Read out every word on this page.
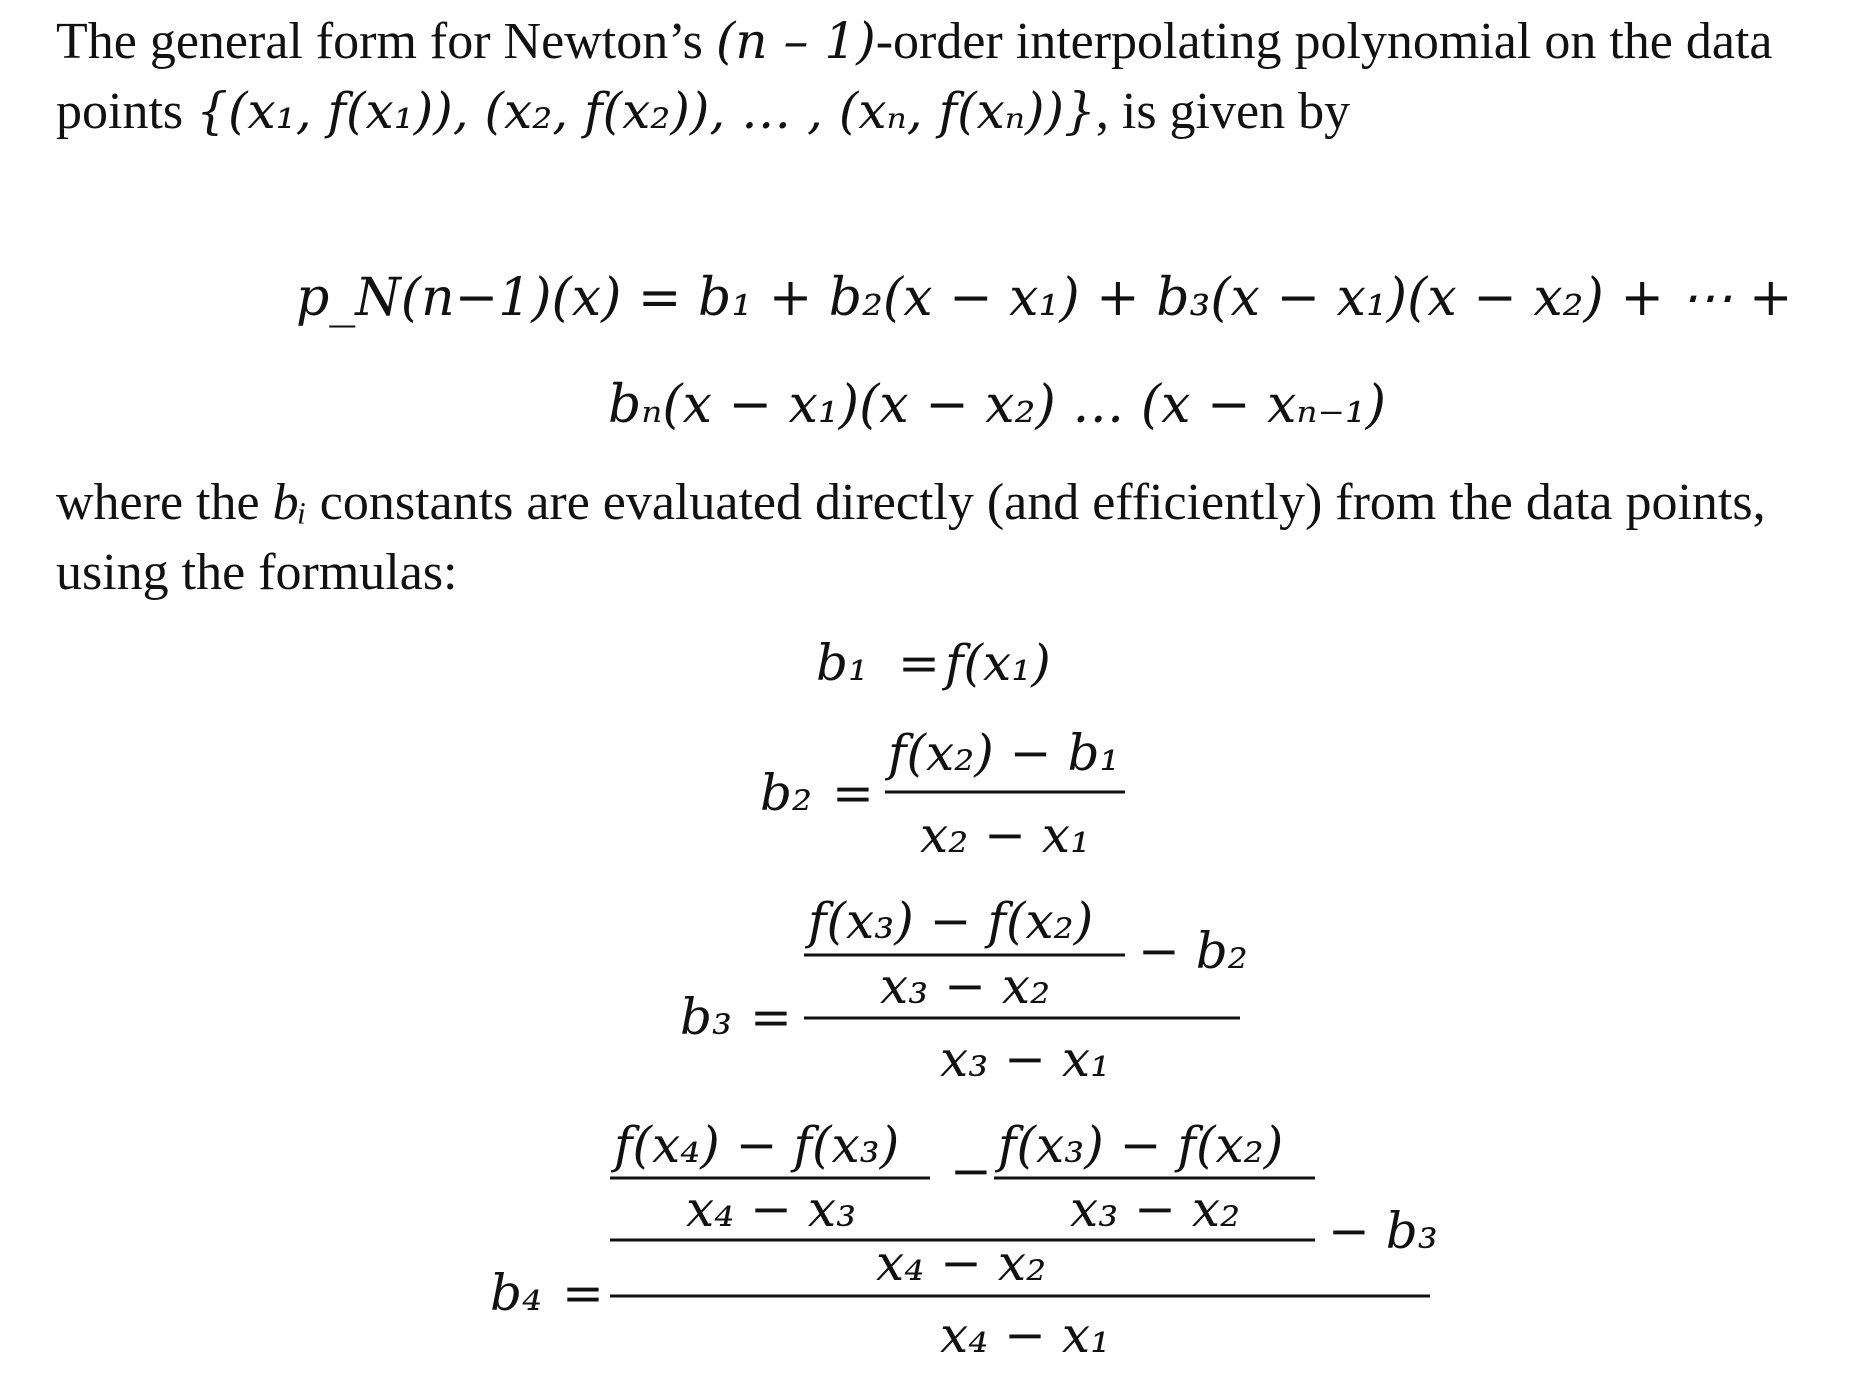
The general form for Newton’s (n – 1)-order interpolating polynomial on the data
points {(x₁, f(x₁)), (x₂, f(x₂)), … , (xₙ, f(xₙ))}, is given by
p_N(n−1)(x) = b₁ + b₂(x − x₁) + b₃(x − x₁)(x − x₂) + ⋯ +
bₙ(x − x₁)(x − x₂) … (x − xₙ₋₁)
where the bᵢ constants are evaluated directly (and efficiently) from the data points,
using the formulas:
b₁ = f(x₁)
b₂ =
f(x₂) − b₁
x₂ − x₁
b₃ =
f(x₃) − f(x₂)
x₃ − x₂
− b₂
x₃ − x₁
b₄ =
f(x₄) − f(x₃)
x₄ − x₃
− f(x₃) − f(x₂)
x₃ − x₂
x₄ − x₂
− b₃
x₄ − x₁
